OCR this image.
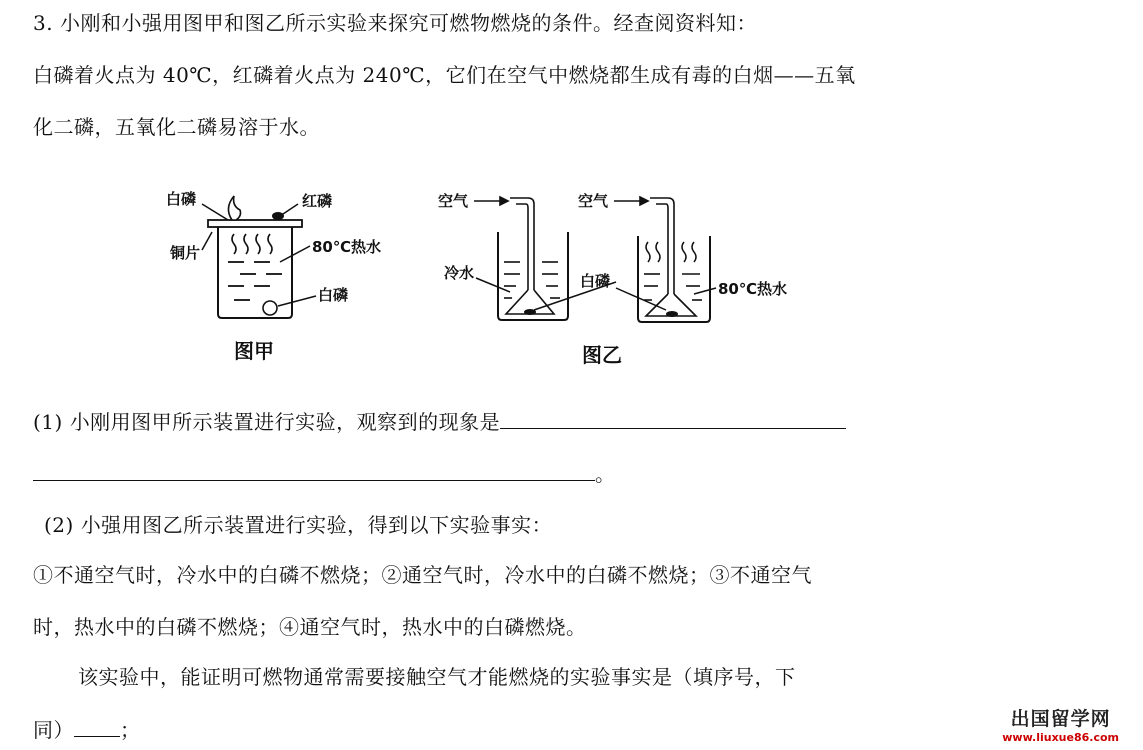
3. 小刚和小强用图甲和图乙所示实验来探究可燃物燃烧的条件。经查阅资料知：
白磷着火点为 40℃，红磷着火点为 240℃，它们在空气中燃烧都生成有毒的白烟——五氧
化二磷，五氧化二磷易溶于水。
白磷	红磷
铜片	80℃热水
白磷
图甲
空气	空气
冷水	白磷	80℃热水
图乙
(1) 小刚用图甲所示装置进行实验，观察到的现象是
。
(2) 小强用图乙所示装置进行实验，得到以下实验事实：
①不通空气时，冷水中的白磷不燃烧；②通空气时，冷水中的白磷不燃烧；③不通空气
时，热水中的白磷不燃烧；④通空气时，热水中的白磷燃烧。
该实验中，能证明可燃物通常需要接触空气才能燃烧的实验事实是（填序号，下
同） ；	出国留学网
www.liuxue86.com
